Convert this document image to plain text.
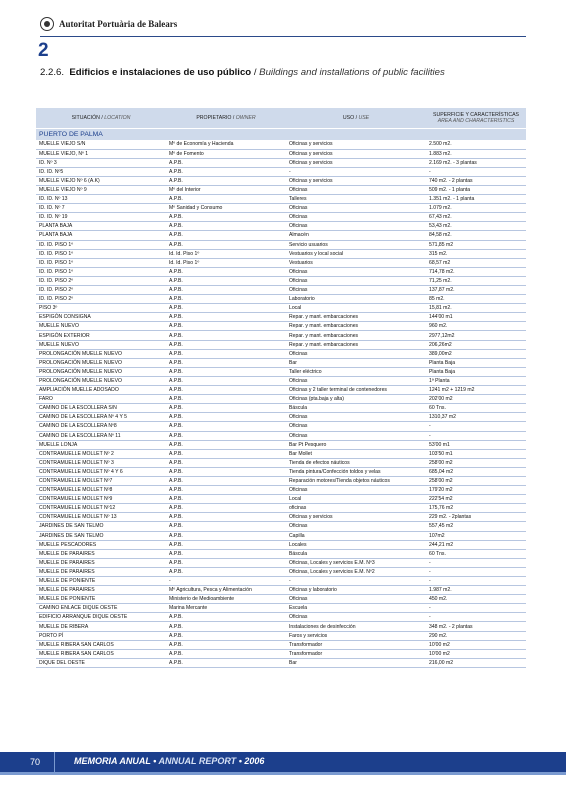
Autoritat Portuària de Balears
2
2.2.6. Edificios e instalaciones de uso público / Buildings and installations of public facilities
SITUACIÓN / LOCATION	PROPIETARIO / OWNER	USO / USE	SUPERFICIE Y CARACTERÍSTICAS
AREA AND CHARACTERISTICS
PUERTO DE PALMA			
MUELLE VIEJO S/N	Mº de Economía y Hacienda	Oficinas y servicios	2.500 m2.
MUELLE VIEJO, Nº 1	Mº de Fomento	Oficinas y servicios	1.883 m2.
ID. Nº 3	A.P.B.	Oficinas y servicios	2.169 m2. - 3 plantas
ID. ID. Nº5	A.P.B.	-	-
MUELLE VIEJO Nº 6 (A.K)	A.P.B.	Oficinas y servicios	740 m2. - 2 plantas
MUELLE VIEJO Nº 9	Mº del Interior	Oficinas	509 m2. - 1 planta
ID. ID. Nº 13	A.P.B.	Talleres	1.351 m2. - 1 planta
ID. ID. Nº 7	Mº Sanidad y Consumo	Oficinas	1.079 m2.
ID. ID. Nº 19	A.P.B.	Oficinas	67,43 m2.
PLANTA BAJA	A.P.B.	Oficinas	53,43 m2.
PLANTA BAJA	A.P.B.	Almacén	84,58 m2.
ID. ID. PISO 1º	A.P.B.	Servicio usuarios	571,85 m2
ID. ID. PISO 1º	Id. Id. Piso 1º	Vestuarios y local social	315 m2.
ID. ID. PISO 1º	Id. Id. Piso 1º	Vestuarios	68,57 m2
ID. ID. PISO 1º	A.P.B.	Oficinas	714,78 m2.
ID. ID. PISO 2º	A.P.B.	Oficinas	71,25 m2.
ID. ID. PISO 2º	A.P.B.	Oficinas	137,87 m2.
ID. ID. PISO 2º	A.P.B.	Laboratorio	85 m2.
PISO 3º	A.P.B.	Local	15,81 m2.
ESPIGÓN CONSIGNA	A.P.B.	Repar. y mant. embarcaciones	144'00 m1
MUELLE NUEVO	A.P.B.	Repar. y mant. embarcaciones	960 m2.
ESPIGÓN EXTERIOR	A.P.B.	Repar. y mant. embarcaciones	2977,12m2
MUELLE NUEVO	A.P.B.	Repar. y mant. embarcaciones	206,26m2
PROLONGACIÓN MUELLE NUEVO	A.P.B.	Oficinas	389,00m2
PROLONGACIÓN MUELLE NUEVO	A.P.B.	Bar	Planta Baja
PROLONGACIÓN MUELLE NUEVO	A.P.B.	Taller eléctrico	Planta Baja
PROLONGACIÓN MUELLE NUEVO	A.P.B.	Oficinas	1ª Planta
AMPLIACIÓN MUELLE ADOSADO	A.P.B.	Oficinas y 2 taller terminal de contenedores	1241 m2 + 1219 m2
FARO	A.P.B.	Oficinas (pta.baja y alta)	202'00 m2
CAMINO DE LA ESCOLLERA S/N	A.P.B.	Báscula	60 Tns.
CAMINO DE LA ESCOLLERA Nº 4 Y 5	A.P.B.	Oficinas	1310,37 m2
CAMINO DE LA ESCOLLERA Nº8	A.P.B.	Oficinas	-
CAMINO DE LA ESCOLLERA Nº 11	A.P.B.	Oficinas	-
MUELLE LONJA	A.P.B.	Bar Pt Pesquero	53'00 m1
CONTRAMUELLE MOLLET Nº 2	A.P.B.	Bar Mollet	103'50 m1
CONTRAMUELLE MOLLET Nº 3	A.P.B.	Tienda de efectos náuticos	258'00 m2
CONTRAMUELLE MOLLET Nº 4 Y 6	A.P.B.	Tienda pintura/Confección toldos y velas	685,04 m2
CONTRAMUELLE MOLLET Nº7	A.P.B.	Reparación motores/Tienda objetos náuticos	258'00 m2
CONTRAMUELLE MOLLET Nº8	A.P.B.	Oficinas	179'20 m2
CONTRAMUELLE MOLLET Nº9	A.P.B.	Local	222'54 m2
CONTRAMUELLE MOLLET Nº12	A.P.B.	oficinas	175,76 m2
CONTRAMUELLE MOLLET Nº 13	A.P.B.	Oficinas y servicios	229 m2. - 2plantas
JARDINES DE SAN TELMO	A.P.B.	Oficinas	557,45 m2
JARDINES DE SAN TELMO	A.P.B.	Capilla	107m2
MUELLE PESCADORES	A.P.B.	Locales	244,21 m2
MUELLE DE PARAIRES	A.P.B.	Báscula	60 Tns.
MUELLE DE PARAIRES	A.P.B.	Oficinas, Locales y servicios E.M. Nº3	-
MUELLE DE PARAIRES	A.P.B.	Oficinas, Locales y servicios E.M. Nº2	-
MUELLE DE PONIENTE	-	-	-
MUELLE DE PARAIRES	Mº Agricultura, Pesca y Alimentación	Oficinas y laboratorio	1.987 m2.
MUELLE DE PONIENTE	Ministerio de Medioambiente	Oficinas	450 m2.
CAMINO ENLACE DIQUE OESTE	Marina Mercante	Escuela	-
EDIFICIO ARRANQUE DIQUE OESTE	A.P.B.	Oficinas	-
MUELLE DE RIBERA	A.P.B.	Instalaciones de desinfección	348 m2. - 2 plantas
PORTO PÍ	A.P.B.	Faros y servicios	290 m2.
MUELLE RIBERA SAN CARLOS	A.P.B.	Transformador	10'00 m2
MUELLE RIBERA SAN CARLOS	A.P.B.	Transformador	10'00 m2
DIQUE DEL OESTE	A.P.B.	Bar	216,00 m2
70	MEMORIA ANUAL • ANNUAL REPORT • 2006
